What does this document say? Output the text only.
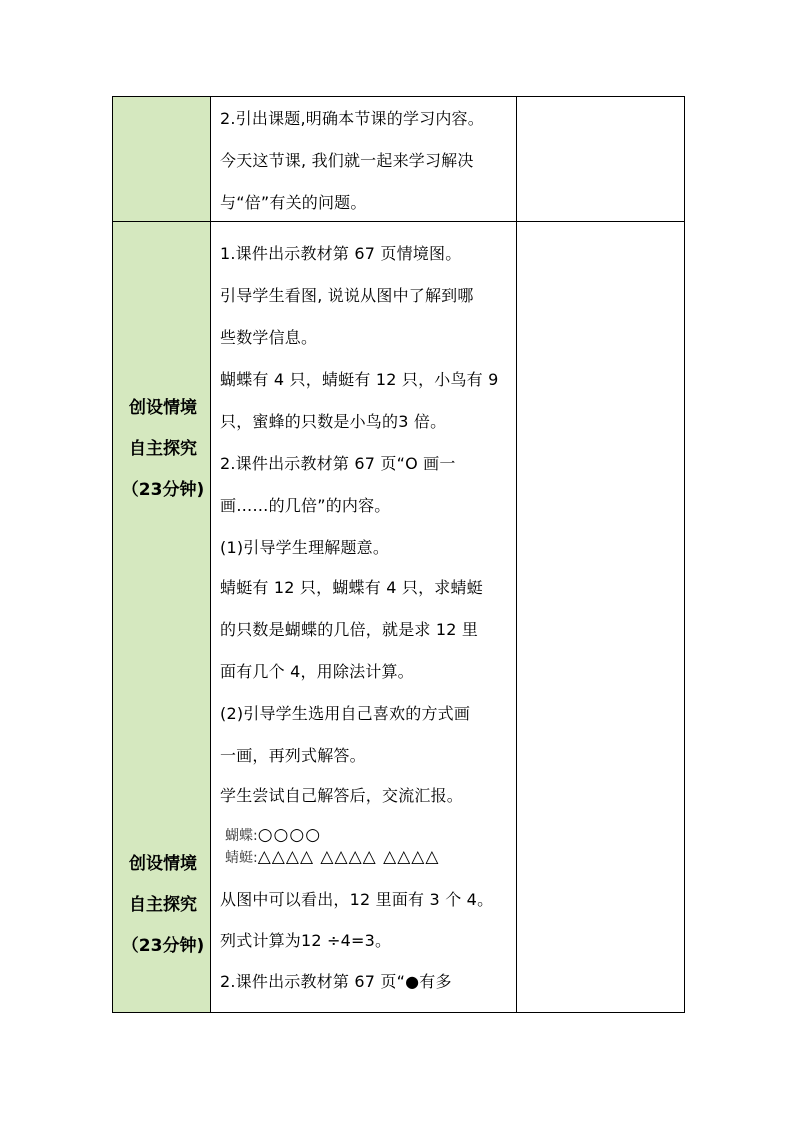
2.引出课题,明确本节课的学习内容。
今天这节课, 我们就一起来学习解决
与“倍”有关的问题。
创设情境
自主探究
（23分钟)
创设情境
自主探究
（23分钟)
1.课件出示教材第 67 页情境图。
引导学生看图, 说说从图中了解到哪
些数学信息。
蝴蝶有 4 只，蜻蜓有 12 只，小鸟有 9
只，蜜蜂的只数是小鸟的3 倍。
2.课件出示教材第 67 页“O 画一
画……的几倍”的内容。
(1)引导学生理解题意。
蜻蜓有 12 只，蝴蝶有 4 只，求蜻蜓
的只数是蝴蝶的几倍，就是求 12 里
面有几个 4，用除法计算。
(2)引导学生选用自己喜欢的方式画
一画，再列式解答。
学生尝试自己解答后，交流汇报。
蝴蝶:○○○○
蜻蜓:△△△△ △△△△ △△△△
从图中可以看出，12 里面有 3 个 4。
列式计算为12 ÷4=3。
2.课件出示教材第 67 页“●有多
